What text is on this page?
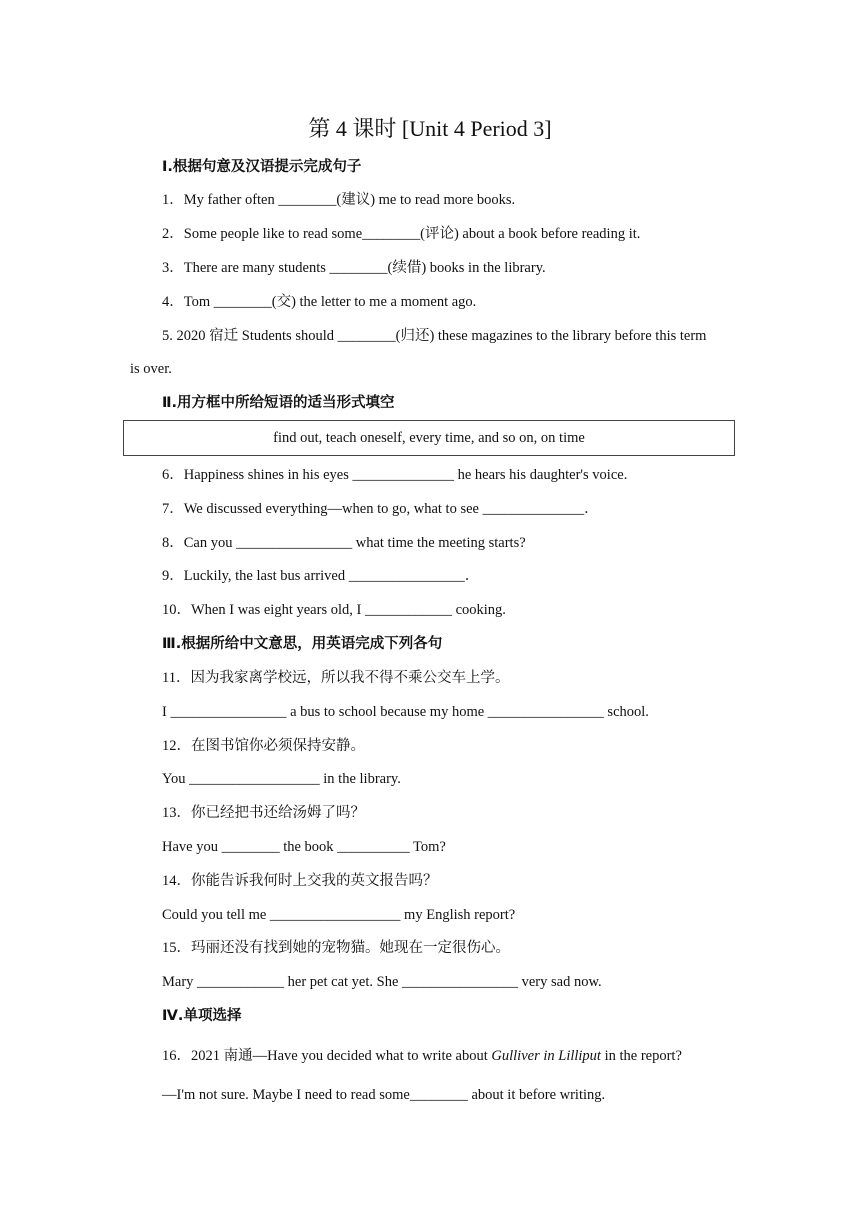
第 4 课时 [Unit 4 Period 3]
Ⅰ.根据句意及汉语提示完成句子
1．My father often ________(建议) me to read more books.
2．Some people like to read some________(评论) about a book before reading it.
3．There are many students ________(续借) books in the library.
4．Tom ________(交) the letter to me a moment ago.
5. 2020 宿迁 Students should ________(归还) these magazines to the library before this term
is over.
Ⅱ.用方框中所给短语的适当形式填空
find out, teach oneself, every time, and so on, on time
6．Happiness shines in his eyes ______________ he hears his daughter's voice.
7．We discussed everything—when to go, what to see ______________．
8．Can you ________________ what time the meeting starts?
9．Luckily, the last bus arrived ________________．
10．When I was eight years old, I ____________ cooking.
Ⅲ.根据所给中文意思，用英语完成下列各句
11．因为我家离学校远，所以我不得不乘公交车上学。
I ________________ a bus to school because my home ________________ school.
12．在图书馆你必须保持安静。
You __________________ in the library.
13．你已经把书还给汤姆了吗？
Have you ________ the book __________ Tom?
14．你能告诉我何时上交我的英文报告吗？
Could you tell me __________________ my English report?
15．玛丽还没有找到她的宠物猫。她现在一定很伤心。
Mary ____________ her pet cat yet. She ________________ very sad now.
Ⅳ.单项选择
16．2021 南通—Have you decided what to write about Gulliver in Lilliput in the report?
—I'm not sure. Maybe I need to read some________ about it before writing.
